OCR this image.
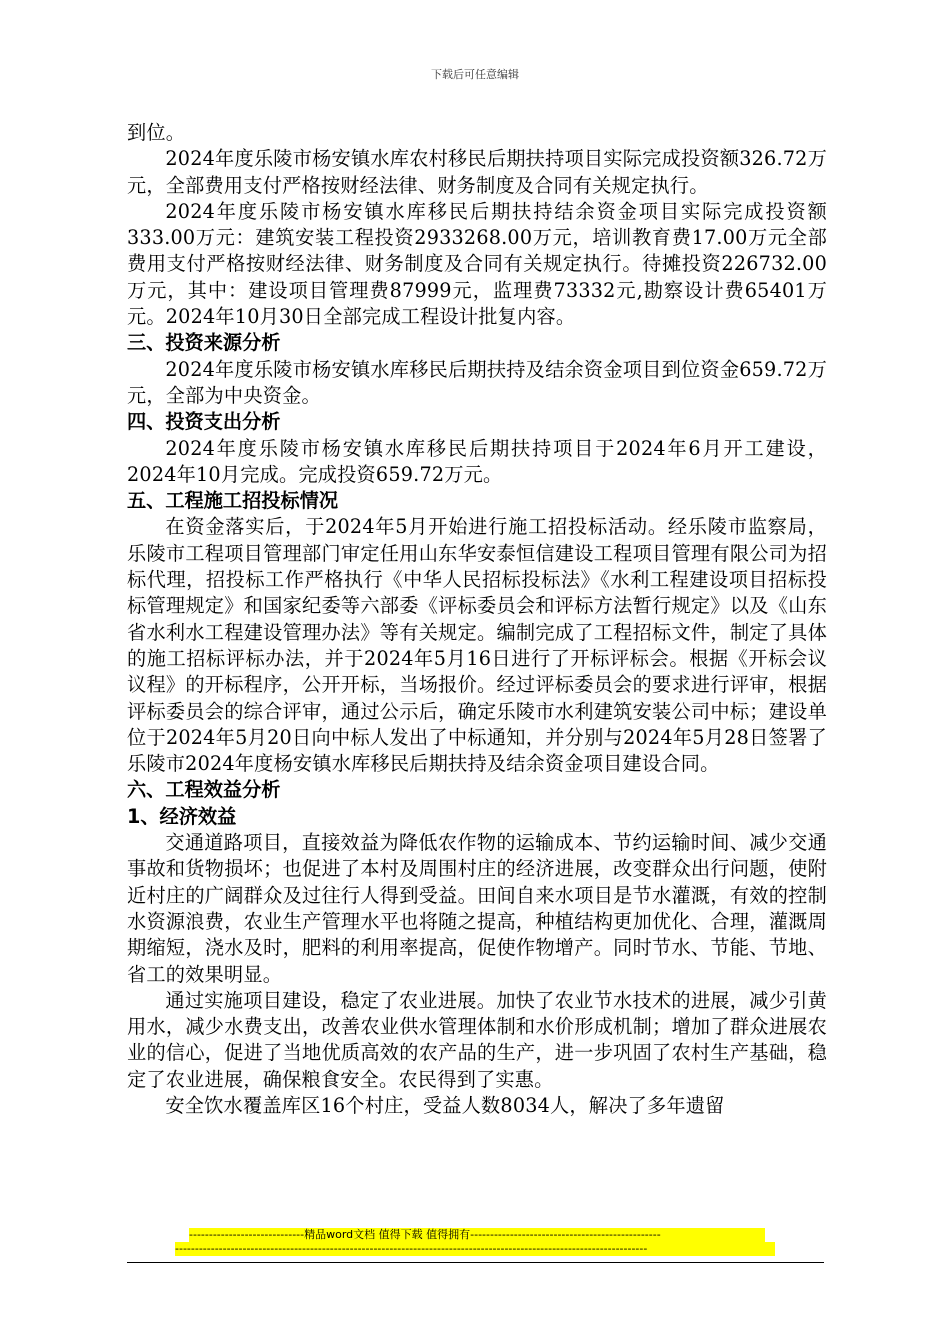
下载后可任意编辑

到位。

2024年度乐陵市杨安镇水库农村移民后期扶持项目实际完成投资额326.72万元，全部费用支付严格按财经法律、财务制度及合同有关规定执行。

2024年度乐陵市杨安镇水库移民后期扶持结余资金项目实际完成投资额333.00万元：建筑安装工程投资2933268.00万元，培训教育费17.00万元全部费用支付严格按财经法律、财务制度及合同有关规定执行。待摊投资226732.00万元，其中：建设项目管理费87999元，监理费73332元,勘察设计费65401万元。2024年10月30日全部完成工程设计批复内容。

三、投资来源分析

2024年度乐陵市杨安镇水库移民后期扶持及结余资金项目到位资金659.72万元，全部为中央资金。

四、投资支出分析

2024年度乐陵市杨安镇水库移民后期扶持项目于2024年6月开工建设，2024年10月完成。完成投资659.72万元。

五、工程施工招投标情况

在资金落实后，于2024年5月开始进行施工招投标活动。经乐陵市监察局，乐陵市工程项目管理部门审定任用山东华安泰恒信建设工程项目管理有限公司为招标代理，招投标工作严格执行《中华人民招标投标法》《水利工程建设项目招标投标管理规定》和国家纪委等六部委《评标委员会和评标方法暂行规定》以及《山东省水利水工程建设管理办法》等有关规定。编制完成了工程招标文件，制定了具体的施工招标评标办法，并于2024年5月16日进行了开标评标会。根据《开标会议议程》的开标程序，公开开标，当场报价。经过评标委员会的要求进行评审，根据评标委员会的综合评审，通过公示后，确定乐陵市水利建筑安装公司中标；建设单位于2024年5月20日向中标人发出了中标通知，并分别与2024年5月28日签署了乐陵市2024年度杨安镇水库移民后期扶持及结余资金项目建设合同。

六、工程效益分析

1、经济效益

交通道路项目，直接效益为降低农作物的运输成本、节约运输时间、减少交通事故和货物损坏；也促进了本村及周围村庄的经济进展，改变群众出行问题，使附近村庄的广阔群众及过往行人得到受益。田间自来水项目是节水灌溉，有效的控制水资源浪费，农业生产管理水平也将随之提高，种植结构更加优化、合理，灌溉周期缩短，浇水及时，肥料的利用率提高，促使作物增产。同时节水、节能、节地、省工的效果明显。

通过实施项目建设，稳定了农业进展。加快了农业节水技术的进展，减少引黄用水，减少水费支出，改善农业供水管理体制和水价形成机制；增加了群众进展农业的信心，促进了当地优质高效的农产品的生产，进一步巩固了农村生产基础，稳定了农业进展，确保粮食安全。农民得到了实惠。

安全饮水覆盖库区16个村庄，受益人数8034人，解决了多年遗留

-----------------------------精品word文档 值得下载 值得拥有------------------------------------------------
-----------------------------------------------------------------------------------------------------------------------
